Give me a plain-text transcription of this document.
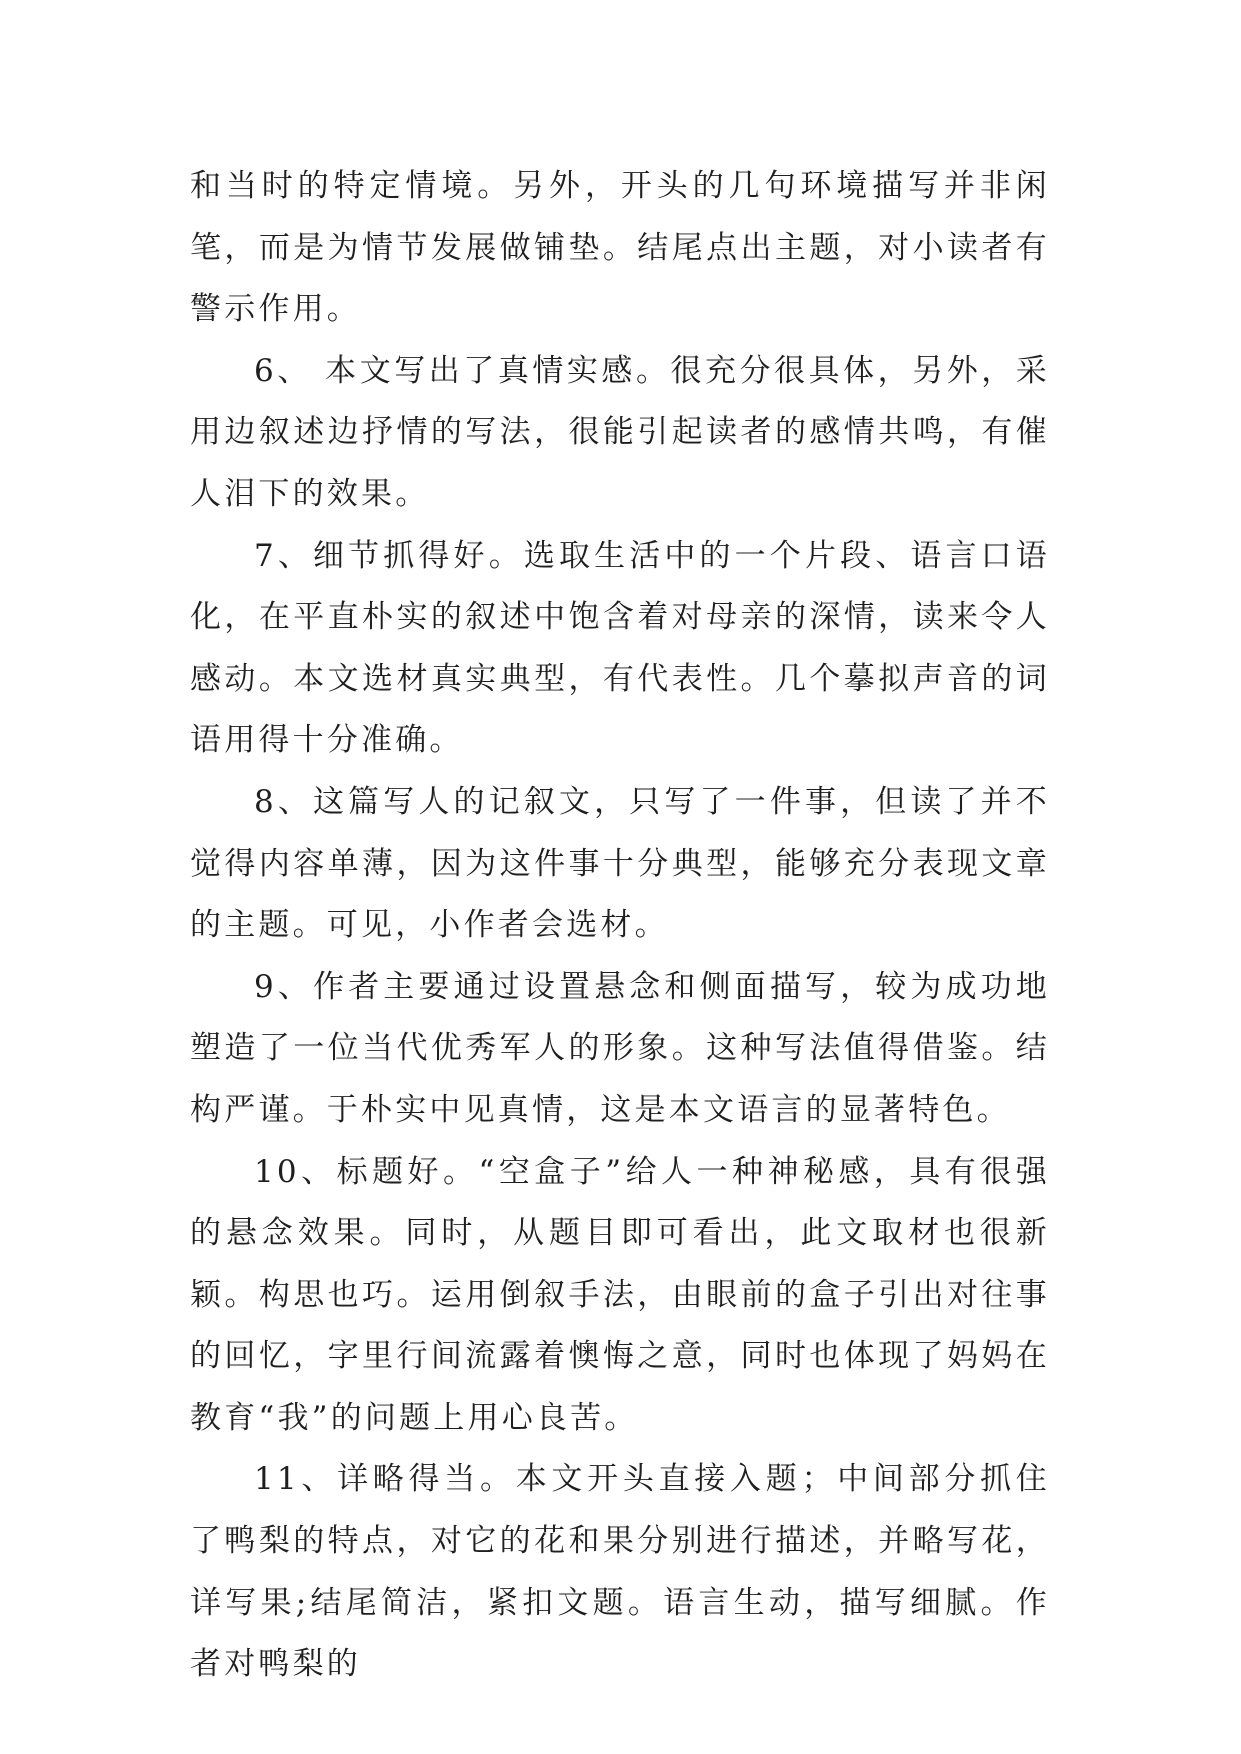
和当时的特定情境。另外，开头的几句环境描写并非闲笔，而是为情节发展做铺垫。结尾点出主题，对小读者有警示作用。

6、 本文写出了真情实感。很充分很具体，另外，采用边叙述边抒情的写法，很能引起读者的感情共鸣，有催人泪下的效果。

7、细节抓得好。选取生活中的一个片段、语言口语化，在平直朴实的叙述中饱含着对母亲的深情，读来令人感动。本文选材真实典型，有代表性。几个摹拟声音的词语用得十分准确。

8、这篇写人的记叙文，只写了一件事，但读了并不觉得内容单薄，因为这件事十分典型，能够充分表现文章的主题。可见，小作者会选材。

9、作者主要通过设置悬念和侧面描写，较为成功地塑造了一位当代优秀军人的形象。这种写法值得借鉴。结构严谨。于朴实中见真情，这是本文语言的显著特色。

10、标题好。“空盒子”给人一种神秘感，具有很强的悬念效果。同时，从题目即可看出，此文取材也很新颖。构思也巧。运用倒叙手法，由眼前的盒子引出对往事的回忆，字里行间流露着懊悔之意，同时也体现了妈妈在教育“我”的问题上用心良苦。

11、详略得当。本文开头直接入题；中间部分抓住了鸭梨的特点，对它的花和果分别进行描述，并略写花，详写果;结尾简洁，紧扣文题。语言生动，描写细腻。作者对鸭梨的
